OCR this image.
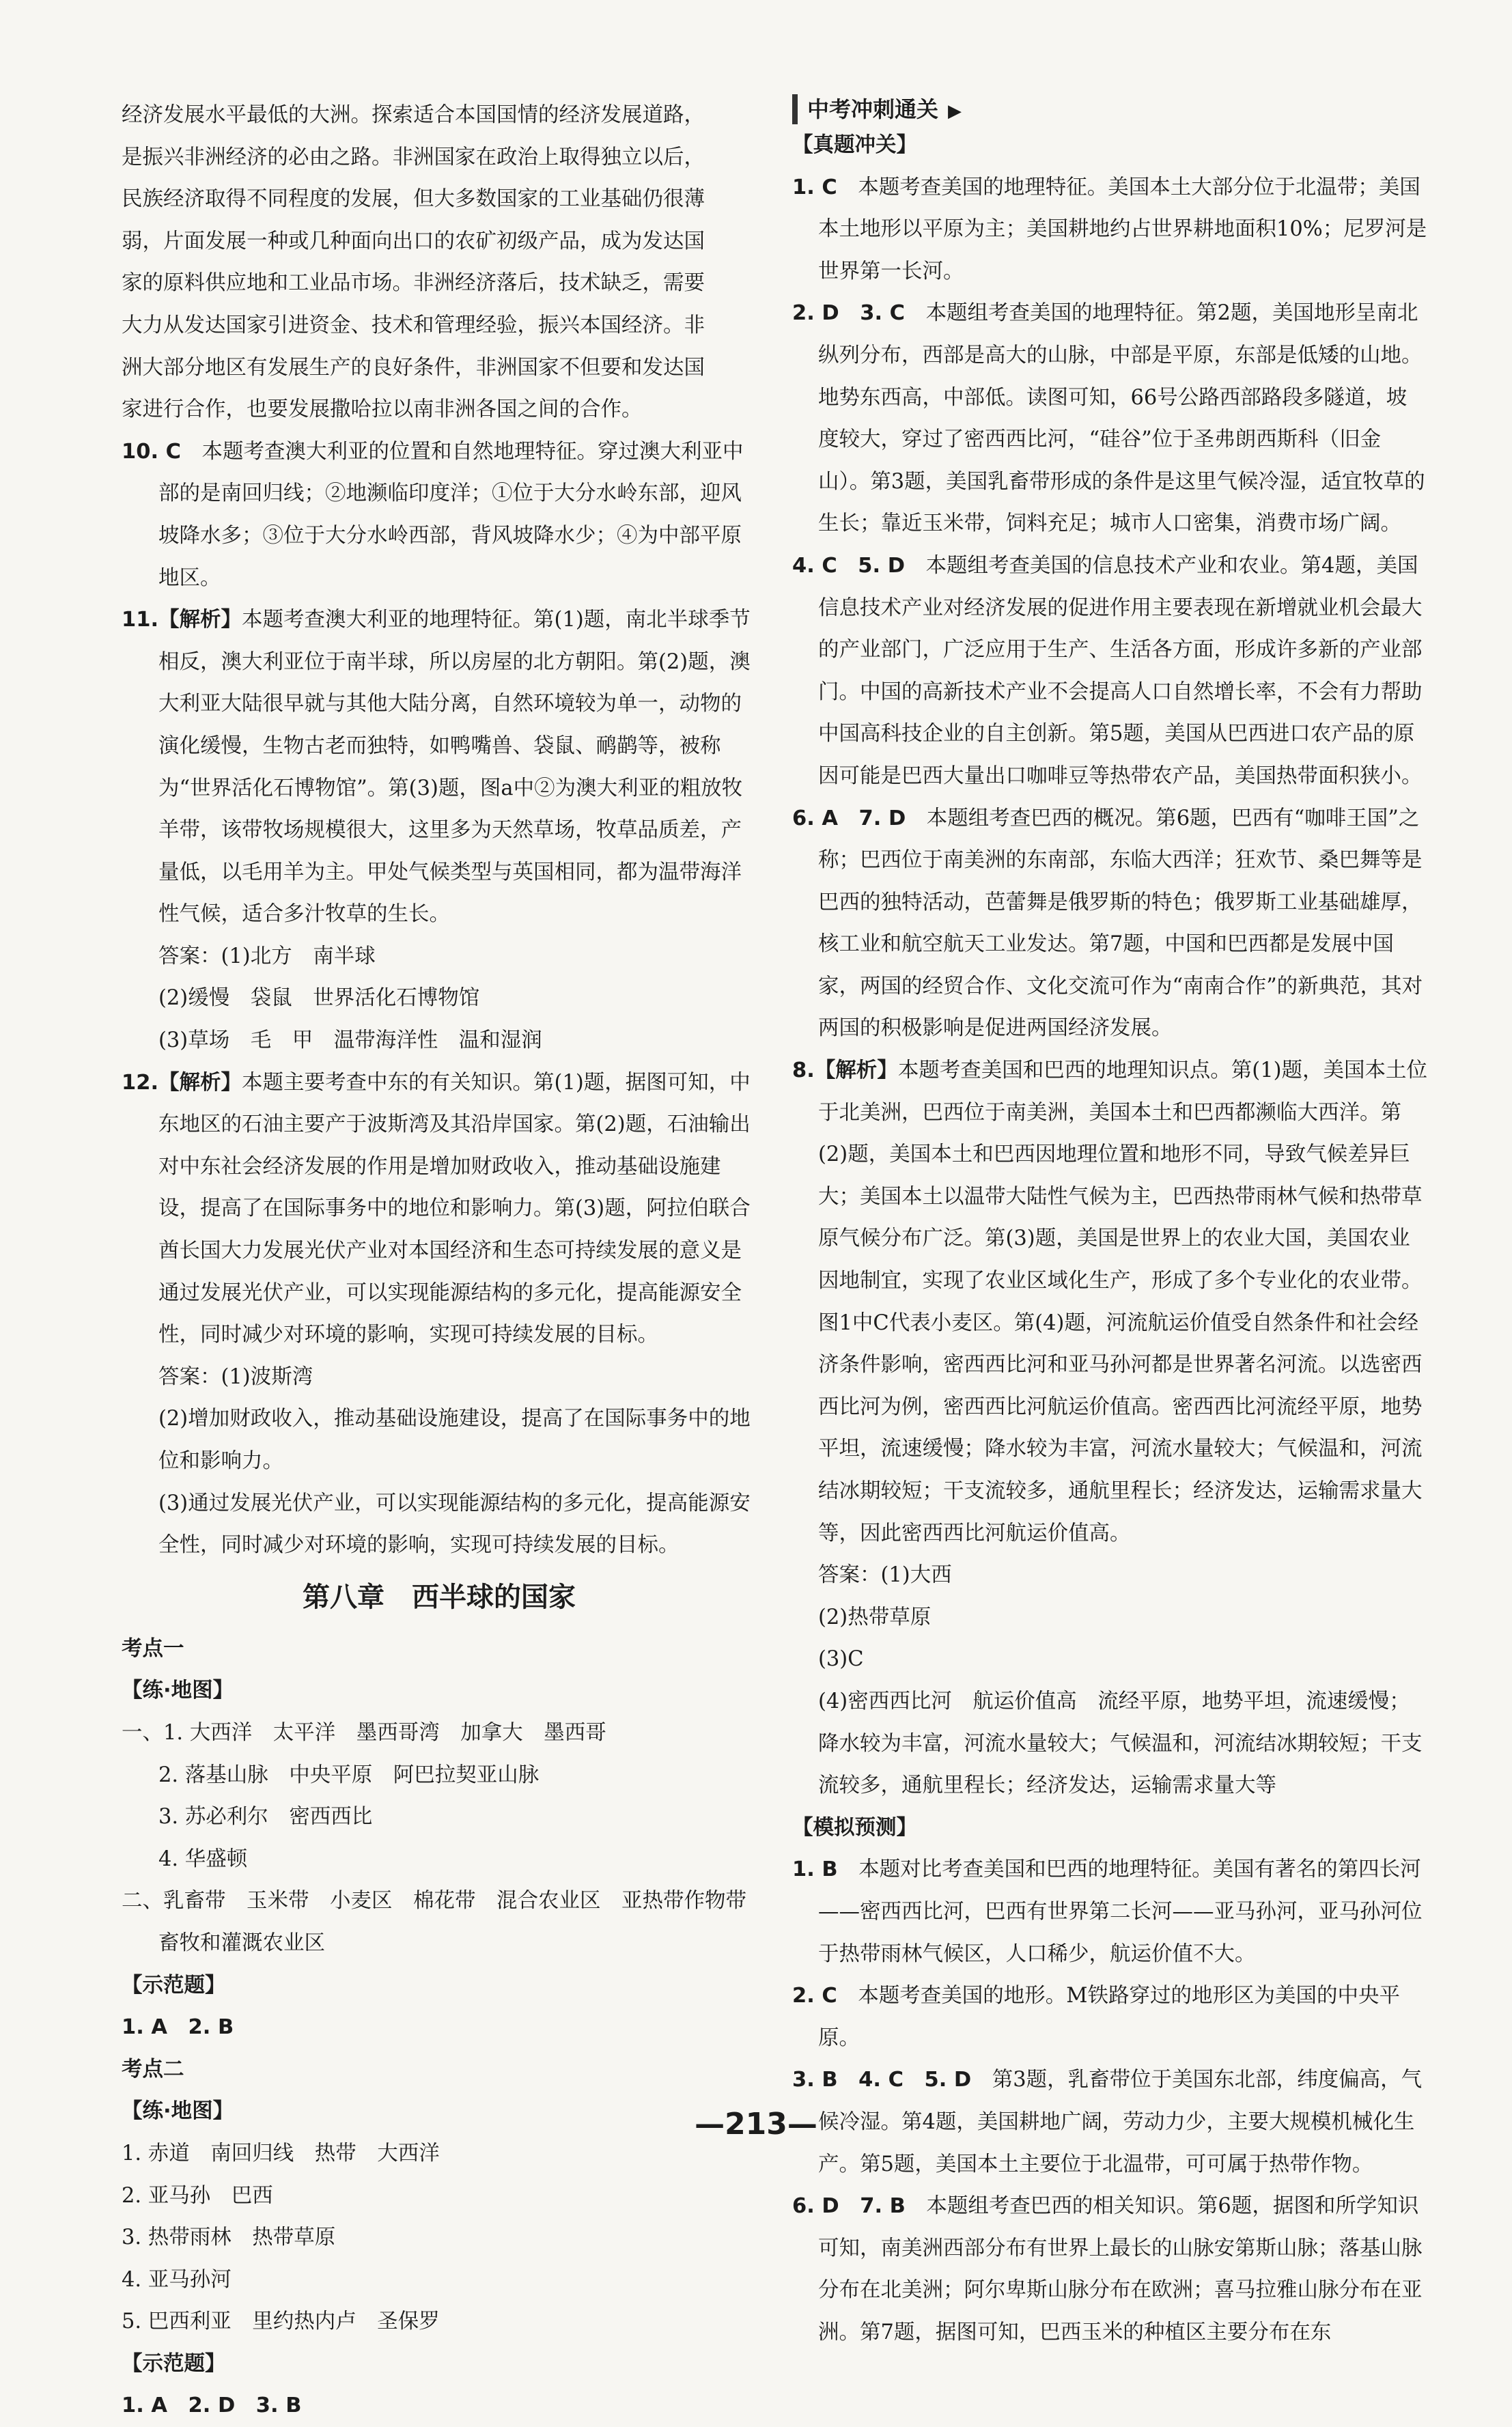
经济发展水平最低的大洲。探索适合本国国情的经济发展道路，
是振兴非洲经济的必由之路。非洲国家在政治上取得独立以后，
民族经济取得不同程度的发展，但大多数国家的工业基础仍很薄
弱，片面发展一种或几种面向出口的农矿初级产品，成为发达国
家的原料供应地和工业品市场。非洲经济落后，技术缺乏，需要
大力从发达国家引进资金、技术和管理经验，振兴本国经济。非
洲大部分地区有发展生产的良好条件，非洲国家不但要和发达国
家进行合作，也要发展撒哈拉以南非洲各国之间的合作。

10. C　 本题考查澳大利亚的位置和自然地理特征。穿过澳大利亚中部的是南回归线；②地濒临印度洋；①位于大分水岭东部，迎风坡降水多；③位于大分水岭西部，背风坡降水少；④为中部平原地区。

11.【解析】本题考查澳大利亚的地理特征。第(1)题，南北半球季节相反，澳大利亚位于南半球，所以房屋的北方朝阳。第(2)题，澳大利亚大陆很早就与其他大陆分离，自然环境较为单一，动物的演化缓慢，生物古老而独特，如鸭嘴兽、袋鼠、鸸鹋等，被称为“世界活化石博物馆”。第(3)题，图a中②为澳大利亚的粗放牧羊带，该带牧场规模很大，这里多为天然草场，牧草品质差，产量低，以毛用羊为主。甲处气候类型与英国相同，都为温带海洋性气候，适合多汁牧草的生长。

答案：(1)北方　南半球
(2)缓慢　袋鼠　世界活化石博物馆
(3)草场　毛　甲　温带海洋性　温和湿润

12.【解析】本题主要考查中东的有关知识。第(1)题，据图可知，中东地区的石油主要产于波斯湾及其沿岸国家。第(2)题，石油输出对中东社会经济发展的作用是增加财政收入，推动基础设施建设，提高了在国际事务中的地位和影响力。第(3)题，阿拉伯联合酋长国大力发展光伏产业对本国经济和生态可持续发展的意义是通过发展光伏产业，可以实现能源结构的多元化，提高能源安全性，同时减少对环境的影响，实现可持续发展的目标。

答案：(1)波斯湾
(2)增加财政收入，推动基础设施建设，提高了在国际事务中的地位和影响力。
(3)通过发展光伏产业，可以实现能源结构的多元化，提高能源安全性，同时减少对环境的影响，实现可持续发展的目标。
第八章　西半球的国家
考点一
【练·地图】
一、1. 大西洋　太平洋　墨西哥湾　加拿大　墨西哥
2. 落基山脉　中央平原　阿巴拉契亚山脉
3. 苏必利尔　密西西比
4. 华盛顿
二、乳畜带　玉米带　小麦区　棉花带　混合农业区　亚热带作物带　畜牧和灌溉农业区
【示范题】
1. A　2. B
考点二
【练·地图】
1. 赤道　南回归线　热带　大西洋
2. 亚马孙　巴西
3. 热带雨林　热带草原
4. 亚马孙河
5. 巴西利亚　里约热内卢　圣保罗
【示范题】
1. A　2. D　3. B
中考冲刺通关 ▶
【真题冲关】

1. C　 本题考查美国的地理特征。美国本土大部分位于北温带；美国本土地形以平原为主；美国耕地约占世界耕地面积10%；尼罗河是世界第一长河。

2. D　3. C　 本题组考查美国的地理特征。第2题，美国地形呈南北纵列分布，西部是高大的山脉，中部是平原，东部是低矮的山地。地势东西高，中部低。读图可知，66号公路西部路段多隧道，坡度较大，穿过了密西西比河，“硅谷”位于圣弗朗西斯科（旧金山）。第3题，美国乳畜带形成的条件是这里气候冷湿，适宜牧草的生长；靠近玉米带，饲料充足；城市人口密集，消费市场广阔。

4. C　5. D　 本题组考查美国的信息技术产业和农业。第4题，美国信息技术产业对经济发展的促进作用主要表现在新增就业机会最大的产业部门，广泛应用于生产、生活各方面，形成许多新的产业部门。中国的高新技术产业不会提高人口自然增长率，不会有力帮助中国高科技企业的自主创新。第5题，美国从巴西进口农产品的原因可能是巴西大量出口咖啡豆等热带农产品，美国热带面积狭小。

6. A　7. D　 本题组考查巴西的概况。第6题，巴西有“咖啡王国”之称；巴西位于南美洲的东南部，东临大西洋；狂欢节、桑巴舞等是巴西的独特活动，芭蕾舞是俄罗斯的特色；俄罗斯工业基础雄厚，核工业和航空航天工业发达。第7题，中国和巴西都是发展中国家，两国的经贸合作、文化交流可作为“南南合作”的新典范，其对两国的积极影响是促进两国经济发展。

8.【解析】本题考查美国和巴西的地理知识点。第(1)题，美国本土位于北美洲，巴西位于南美洲，美国本土和巴西都濒临大西洋。第(2)题，美国本土和巴西因地理位置和地形不同，导致气候差异巨大；美国本土以温带大陆性气候为主，巴西热带雨林气候和热带草原气候分布广泛。第(3)题，美国是世界上的农业大国，美国农业因地制宜，实现了农业区域化生产，形成了多个专业化的农业带。图1中C代表小麦区。第(4)题，河流航运价值受自然条件和社会经济条件影响，密西西比河和亚马孙河都是世界著名河流。以选密西西比河为例，密西西比河航运价值高。密西西比河流经平原，地势平坦，流速缓慢；降水较为丰富，河流水量较大；气候温和，河流结冰期较短；干支流较多，通航里程长；经济发达，运输需求量大等，因此密西西比河航运价值高。

答案：(1)大西
(2)热带草原
(3)C
(4)密西西比河　航运价值高　流经平原，地势平坦，流速缓慢；降水较为丰富，河流水量较大；气候温和，河流结冰期较短；干支流较多，通航里程长；经济发达，运输需求量大等
【模拟预测】

1. B　 本题对比考查美国和巴西的地理特征。美国有著名的第四长河——密西西比河，巴西有世界第二长河——亚马孙河，亚马孙河位于热带雨林气候区，人口稀少，航运价值不大。

2. C　 本题考查美国的地形。M铁路穿过的地形区为美国的中央平原。

3. B　4. C　5. D　 第3题，乳畜带位于美国东北部，纬度偏高，气候冷湿。第4题，美国耕地广阔，劳动力少，主要大规模机械化生产。第5题，美国本土主要位于北温带，可可属于热带作物。

6. D　7. B　 本题组考查巴西的相关知识。第6题，据图和所学知识可知，南美洲西部分布有世界上最长的山脉安第斯山脉；落基山脉分布在北美洲；阿尔卑斯山脉分布在欧洲；喜马拉雅山脉分布在亚洲。第7题，据图可知，巴西玉米的种植区主要分布在东

—213—
